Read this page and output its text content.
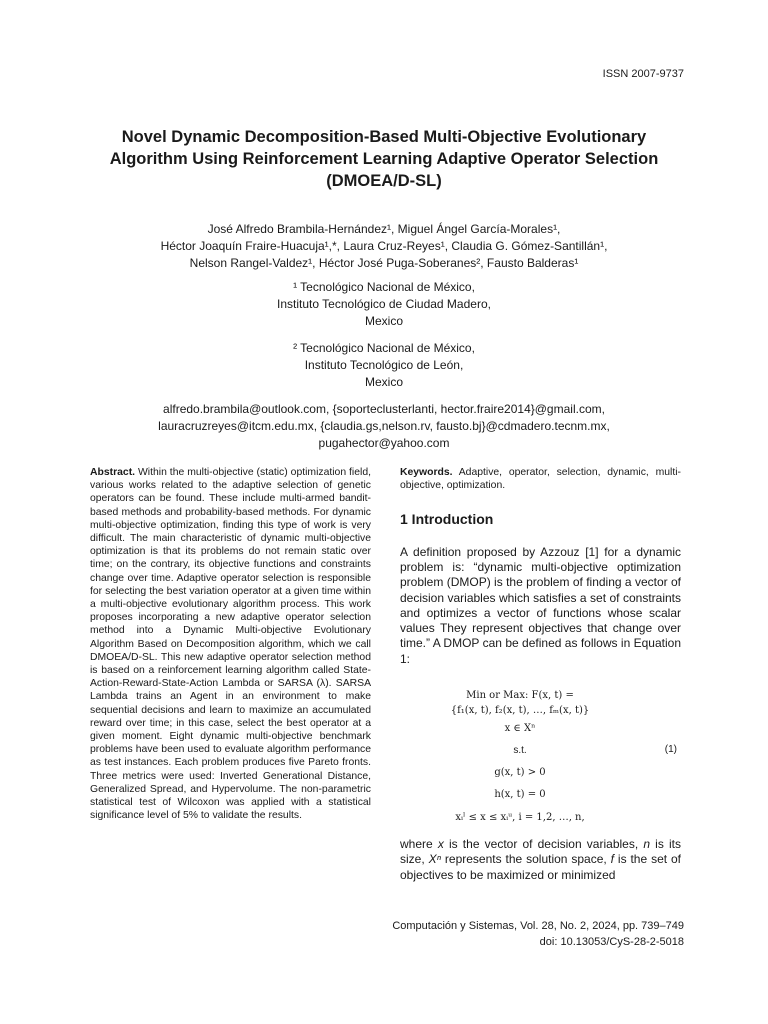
ISSN 2007-9737
Novel Dynamic Decomposition-Based Multi-Objective Evolutionary
Algorithm Using Reinforcement Learning Adaptive Operator Selection
(DMOEA/D-SL)
José Alfredo Brambila-Hernández¹, Miguel Ángel García-Morales¹,
Héctor Joaquín Fraire-Huacuja¹,*, Laura Cruz-Reyes¹, Claudia G. Gómez-Santillán¹,
Nelson Rangel-Valdez¹, Héctor José Puga-Soberanes², Fausto Balderas¹
¹ Tecnológico Nacional de México,
Instituto Tecnológico de Ciudad Madero,
Mexico
² Tecnológico Nacional de México,
Instituto Tecnológico de León,
Mexico
alfredo.brambila@outlook.com, {soporteclusterlanti, hector.fraire2014}@gmail.com,
lauracruzreyes@itcm.edu.mx, {claudia.gs,nelson.rv, fausto.bj}@cdmadero.tecnm.mx,
pugahector@yahoo.com

Abstract. Within the multi-objective (static) optimization field, various works related to the adaptive selection of genetic operators can be found. These include multi-armed bandit-based methods and probability-based methods. For dynamic multi-objective optimization, finding this type of work is very difficult. The main characteristic of dynamic multi-objective optimization is that its problems do not remain static over time; on the contrary, its objective functions and constraints change over time. Adaptive operator selection is responsible for selecting the best variation operator at a given time within a multi-objective evolutionary algorithm process. This work proposes incorporating a new adaptive operator selection method into a Dynamic Multi-objective Evolutionary Algorithm Based on Decomposition algorithm, which we call DMOEA/D-SL. This new adaptive operator selection method is based on a reinforcement learning algorithm called State-Action-Reward-State-Action Lambda or SARSA (λ). SARSA Lambda trains an Agent in an environment to make sequential decisions and learn to maximize an accumulated reward over time; in this case, select the best operator at a given moment. Eight dynamic multi-objective benchmark problems have been used to evaluate algorithm performance as test instances. Each problem produces five Pareto fronts. Three metrics were used: Inverted Generational Distance, Generalized Spread, and Hypervolume. The non-parametric statistical test of Wilcoxon was applied with a statistical significance level of 5% to validate the results.

Keywords. Adaptive, operator, selection, dynamic, multi-objective, optimization.

1 Introduction

A definition proposed by Azzouz [1] for a dynamic problem is: “dynamic multi-objective optimization problem (DMOP) is the problem of finding a vector of decision variables which satisfies a set of constraints and optimizes a vector of functions whose scalar values They represent objectives that change over time.” A DMOP can be defined as follows in Equation 1:

Min or Max: F(x, t) =
{f₁(x, t), f₂(x, t), …, fₘ(x, t)}
x ∈ Xⁿ
s.t.
g(x, t) > 0
h(x, t) = 0
xᵢˡ ≤ x ≤ xᵢᵘ, i = 1,2, …, n,
(1)

where x is the vector of decision variables, n is its size, Xⁿ represents the solution space, f is the set of objectives to be maximized or minimized

Computación y Sistemas, Vol. 28, No. 2, 2024, pp. 739–749
doi: 10.13053/CyS-28-2-5018
